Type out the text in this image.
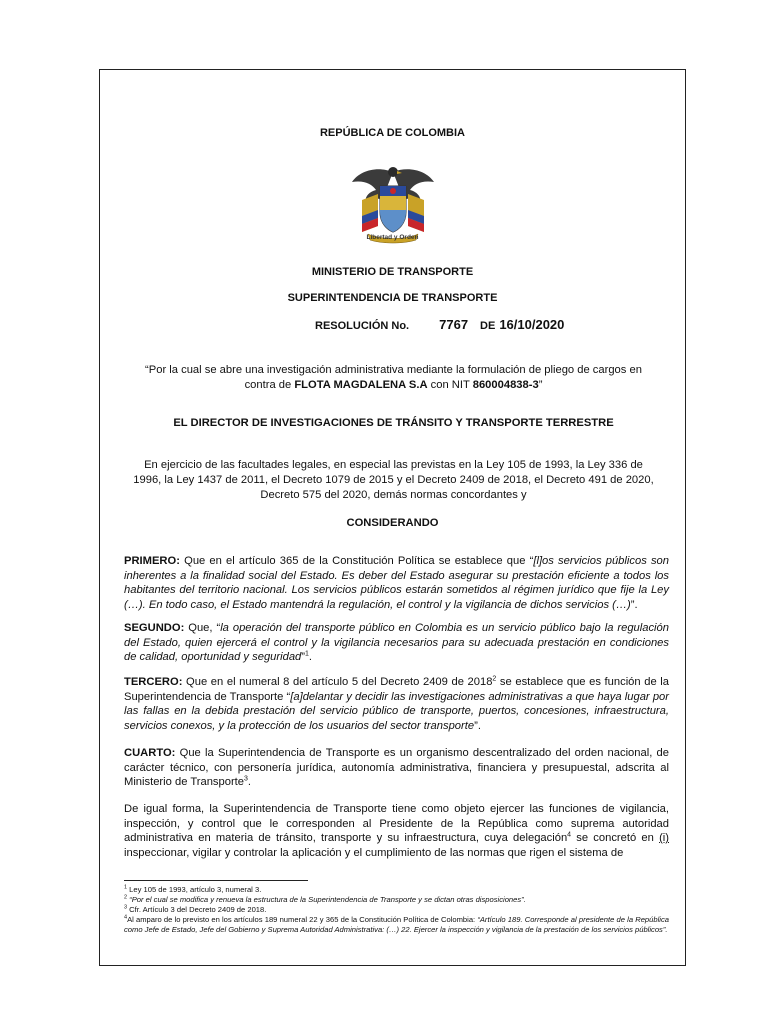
REPÚBLICA DE COLOMBIA
Libertad y Orden
MINISTERIO DE TRANSPORTE
SUPERINTENDENCIA DE TRANSPORTE
RESOLUCIÓN No. 7767 DE 16/10/2020
“Por la cual se abre una investigación administrativa mediante la formulación de pliego de cargos en contra de FLOTA MAGDALENA S.A con NIT 860004838-3”
EL DIRECTOR DE INVESTIGACIONES DE TRÁNSITO Y TRANSPORTE TERRESTRE
En ejercicio de las facultades legales, en especial las previstas en la Ley 105 de 1993, la Ley 336 de 1996, la Ley 1437 de 2011, el Decreto 1079 de 2015 y el Decreto 2409 de 2018, el Decreto 491 de 2020, Decreto 575 del 2020, demás normas concordantes y
CONSIDERANDO
PRIMERO: Que en el artículo 365 de la Constitución Política se establece que “[l]os servicios públicos son inherentes a la finalidad social del Estado. Es deber del Estado asegurar su prestación eficiente a todos los habitantes del territorio nacional. Los servicios públicos estarán sometidos al régimen jurídico que fije la Ley (…). En todo caso, el Estado mantendrá la regulación, el control y la vigilancia de dichos servicios (…)”.
SEGUNDO: Que, “la operación del transporte público en Colombia es un servicio público bajo la regulación del Estado, quien ejercerá el control y la vigilancia necesarios para su adecuada prestación en condiciones de calidad, oportunidad y seguridad”$^1$.
TERCERO: Que en el numeral 8 del artículo 5 del Decreto 2409 de 2018$^2$ se establece que es función de la Superintendencia de Transporte “[a]delantar y decidir las investigaciones administrativas a que haya lugar por las fallas en la debida prestación del servicio público de transporte, puertos, concesiones, infraestructura, servicios conexos, y la protección de los usuarios del sector transporte”.
CUARTO: Que la Superintendencia de Transporte es un organismo descentralizado del orden nacional, de carácter técnico, con personería jurídica, autonomía administrativa, financiera y presupuestal, adscrita al Ministerio de Transporte$^3$.
De igual forma, la Superintendencia de Transporte tiene como objeto ejercer las funciones de vigilancia, inspección, y control que le corresponden al Presidente de la República como suprema autoridad administrativa en materia de tránsito, transporte y su infraestructura, cuya delegación$^4$ se concretó en (i) inspeccionar, vigilar y controlar la aplicación y el cumplimiento de las normas que rigen el sistema de
$^1$ Ley 105 de 1993, artículo 3, numeral 3.
$^2$ “Por el cual se modifica y renueva la estructura de la Superintendencia de Transporte y se dictan otras disposiciones”.
$^3$ Cfr. Artículo 3 del Decreto 2409 de 2018.
$^4$Al amparo de lo previsto en los artículos 189 numeral 22 y 365 de la Constitución Política de Colombia: “Artículo 189. Corresponde al presidente de la República como Jefe de Estado, Jefe del Gobierno y Suprema Autoridad Administrativa: (…) 22. Ejercer la inspección y vigilancia de la prestación de los servicios públicos”.
